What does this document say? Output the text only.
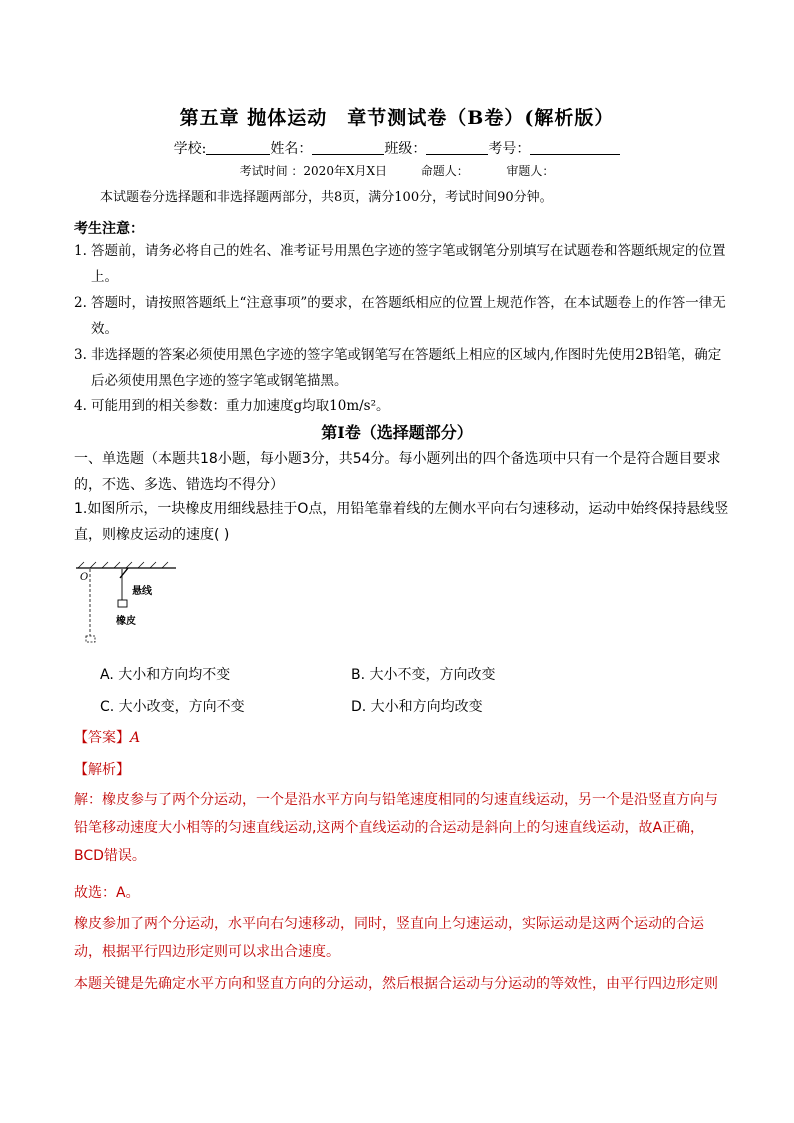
第五章 抛体运动　章节测试卷（B卷）(解析版）
学校:	姓名：	班级：	考号：
考试时间 ：2020年X月X日	命题人：	审题人：
本试题卷分选择题和非选择题两部分，共8页，满分100分，考试时间90分钟。
考生注意：
1. 答题前，请务必将自己的姓名、准考证号用黑色字迹的签字笔或钢笔分别填写在试题卷和答题纸规定的位置上。
2. 答题时，请按照答题纸上“注意事项”的要求，在答题纸相应的位置上规范作答，在本试题卷上的作答一律无效。
3. 非选择题的答案必须使用黑色字迹的签字笔或钢笔写在答题纸上相应的区域内,作图时先使用2B铅笔，确定后必须使用黑色字迹的签字笔或钢笔描黑。
4. 可能用到的相关参数：重力加速度g均取10m/s²。
第Ⅰ卷（选择题部分）
一、单选题（本题共18小题，每小题3分，共54分。每小题列出的四个备选项中只有一个是符合题目要求的，不选、多选、错选均不得分）
1.如图所示，一块橡皮用细线悬挂于O点，用铅笔靠着线的左侧水平向右匀速移动，运动中始终保持悬线竖直，则橡皮运动的速度( )
O
悬线
橡皮
A. 大小和方向均不变	B. 大小不变，方向改变
C. 大小改变，方向不变	D. 大小和方向均改变
【答案】A
【解析】
解：橡皮参与了两个分运动，一个是沿水平方向与铅笔速度相同的匀速直线运动，另一个是沿竖直方向与铅笔移动速度大小相等的匀速直线运动,这两个直线运动的合运动是斜向上的匀速直线运动，故A正确，BCD错误。
故选：A。
橡皮参加了两个分运动，水平向右匀速移动，同时，竖直向上匀速运动，实际运动是这两个运动的合运动，根据平行四边形定则可以求出合速度。
本题关键是先确定水平方向和竖直方向的分运动，然后根据合运动与分运动的等效性，由平行四边形定则
